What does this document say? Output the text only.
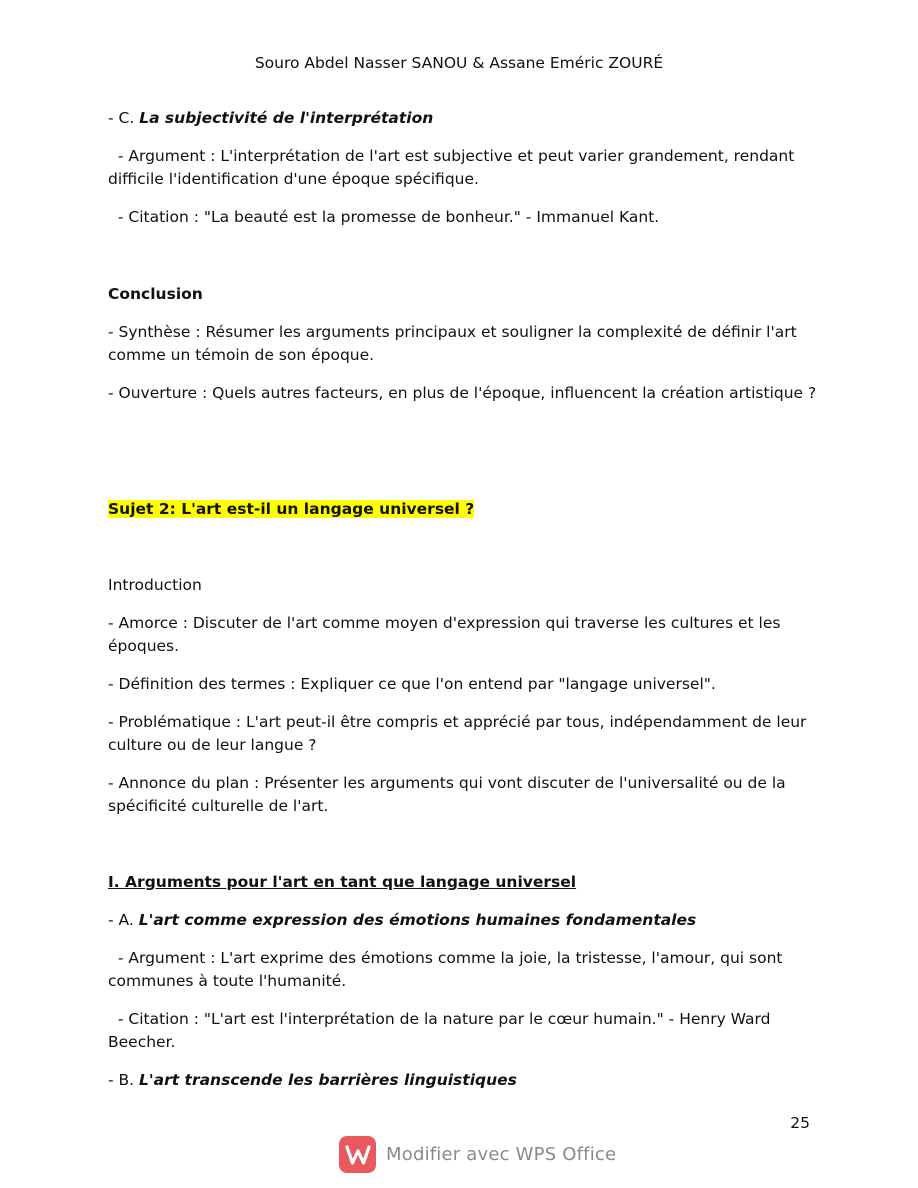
Souro Abdel Nasser SANOU & Assane Eméric ZOURÉ

- C. La subjectivité de l'interprétation

- Argument : L'interprétation de l'art est subjective et peut varier grandement, rendant difficile l'identification d'une époque spécifique.

- Citation : "La beauté est la promesse de bonheur." - Immanuel Kant.

Conclusion

- Synthèse : Résumer les arguments principaux et souligner la complexité de définir l'art comme un témoin de son époque.

- Ouverture : Quels autres facteurs, en plus de l'époque, influencent la création artistique ?

Sujet 2: L'art est-il un langage universel ?

Introduction

- Amorce : Discuter de l'art comme moyen d'expression qui traverse les cultures et les époques.

- Définition des termes : Expliquer ce que l'on entend par "langage universel".

- Problématique : L'art peut-il être compris et apprécié par tous, indépendamment de leur culture ou de leur langue ?

- Annonce du plan : Présenter les arguments qui vont discuter de l'universalité ou de la spécificité culturelle de l'art.

I. Arguments pour l'art en tant que langage universel

- A. L'art comme expression des émotions humaines fondamentales

- Argument : L'art exprime des émotions comme la joie, la tristesse, l'amour, qui sont communes à toute l'humanité.

- Citation : "L'art est l'interprétation de la nature par le cœur humain." - Henry Ward Beecher.

- B. L'art transcende les barrières linguistiques

25
Modifier avec WPS Office
